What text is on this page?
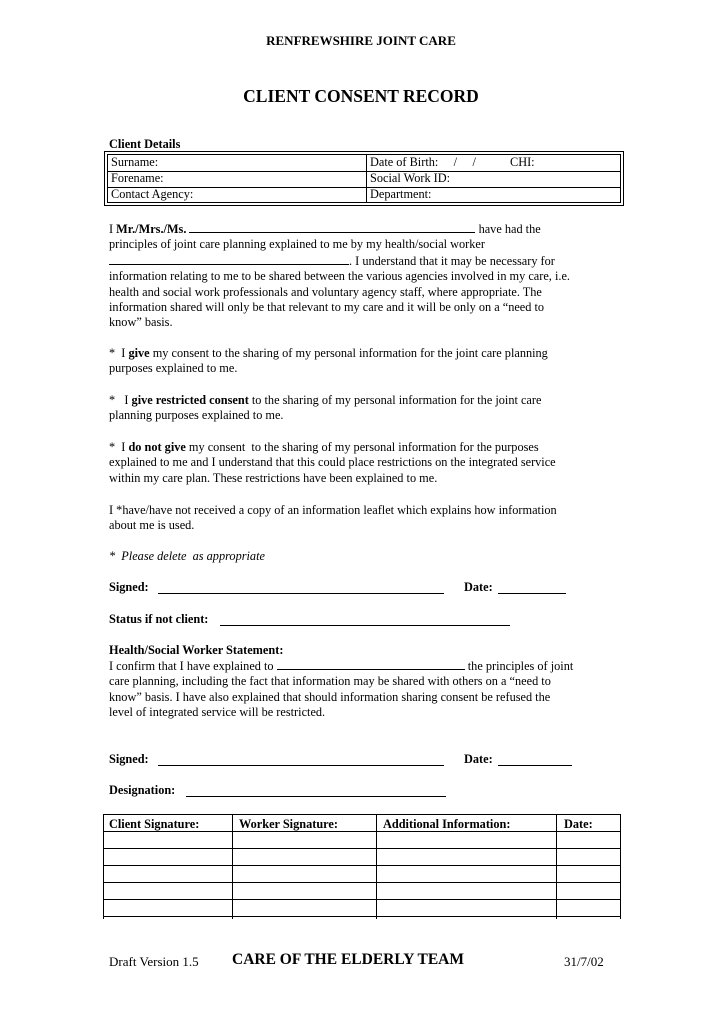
RENFREWSHIRE JOINT CARE
CLIENT CONSENT RECORD
Client Details
Surname:	Date of Birth:     /     /	CHI:
Forename:	Social Work ID:
Contact Agency:	Department:
I Mr./Mrs./Ms.	have had the
principles of joint care planning explained to me by my health/social worker
. I understand that it may be necessary for
information relating to me to be shared between the various agencies involved in my care, i.e.
health and social work professionals and voluntary agency staff, where appropriate. The
information shared will only be that relevant to my care and it will be only on a “need to
know” basis.
*  I give my consent to the sharing of my personal information for the joint care planning
purposes explained to me.
*   I give restricted consent to the sharing of my personal information for the joint care
planning purposes explained to me.
*  I do not give my consent  to the sharing of my personal information for the purposes
explained to me and I understand that this could place restrictions on the integrated service
within my care plan. These restrictions have been explained to me.
I *have/have not received a copy of an information leaflet which explains how information
about me is used.
*  Please delete  as appropriate
Signed:	Date:
Status if not client:
Health/Social Worker Statement:
I confirm that I have explained to	the principles of joint
care planning, including the fact that information may be shared with others on a “need to
know” basis. I have also explained that should information sharing consent be refused the
level of integrated service will be restricted.
Signed:	Date:
Designation:
Client Signature:	Worker Signature:	Additional Information:	Date:
Draft Version 1.5 CARE OF THE ELDERLY TEAM	31/7/02
